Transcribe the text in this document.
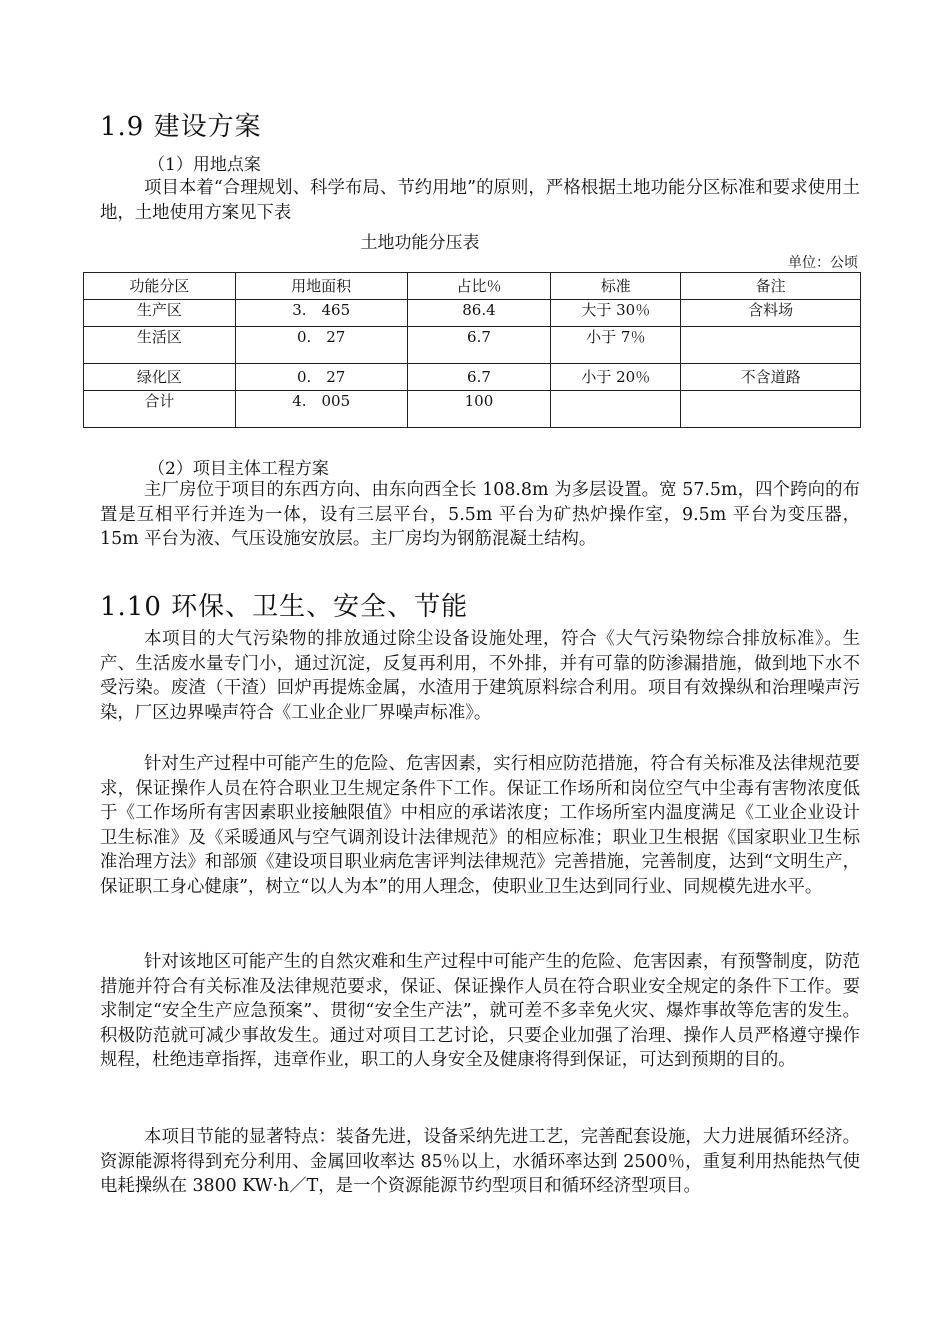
1.9 建设方案

（1）用地点案

项目本着“合理规划、科学布局、节约用地”的原则，严格根据土地功能分区标准和要求使用土地，土地使用方案见下表

土地功能分压表

单位：公顷
功能分区	用地面积	占比％	标准	备注
生产区	3.　465	86.4	大于 30％	含料场
生活区	0.　27	6.7	小于 7％	
绿化区	0.　27	6.7	小于 20％	不含道路
合计	4.　005	100		

（2）项目主体工程方案

主厂房位于项目的东西方向、由东向西全长 108.8m 为多层设置。宽 57.5m，四个跨向的布置是互相平行并连为一体，设有三层平台，5.5m 平台为矿热炉操作室，9.5m 平台为变压器，15m 平台为液、气压设施安放层。主厂房均为钢筋混凝土结构。

1.10 环保、卫生、安全、节能

本项目的大气污染物的排放通过除尘设备设施处理，符合《大气污染物综合排放标准》。生产、生活废水量专门小，通过沉淀，反复再利用，不外排，并有可靠的防渗漏措施，做到地下水不受污染。废渣（干渣）回炉再提炼金属，水渣用于建筑原料综合利用。项目有效操纵和治理噪声污染，厂区边界噪声符合《工业企业厂界噪声标准》。

针对生产过程中可能产生的危险、危害因素，实行相应防范措施，符合有关标准及法律规范要求，保证操作人员在符合职业卫生规定条件下工作。保证工作场所和岗位空气中尘毒有害物浓度低于《工作场所有害因素职业接触限值》中相应的承诺浓度；工作场所室内温度满足《工业企业设计卫生标准》及《采暖通风与空气调剂设计法律规范》的相应标准；职业卫生根据《国家职业卫生标准治理方法》和部颁《建设项目职业病危害评判法律规范》完善措施，完善制度，达到“文明生产，保证职工身心健康”，树立“以人为本”的用人理念，使职业卫生达到同行业、同规模先进水平。

针对该地区可能产生的自然灾难和生产过程中可能产生的危险、危害因素，有预警制度，防范措施并符合有关标准及法律规范要求，保证、保证操作人员在符合职业安全规定的条件下工作。要求制定“安全生产应急预案”、贯彻“安全生产法”，就可差不多幸免火灾、爆炸事故等危害的发生。积极防范就可减少事故发生。通过对项目工艺讨论，只要企业加强了治理、操作人员严格遵守操作规程，杜绝违章指挥，违章作业，职工的人身安全及健康将得到保证，可达到预期的目的。

本项目节能的显著特点：装备先进，设备采纳先进工艺，完善配套设施，大力进展循环经济。资源能源将得到充分利用、金属回收率达 85％以上，水循环率达到 2500％，重复利用热能热气使电耗操纵在 3800 KW·h／T，是一个资源能源节约型项目和循环经济型项目。
